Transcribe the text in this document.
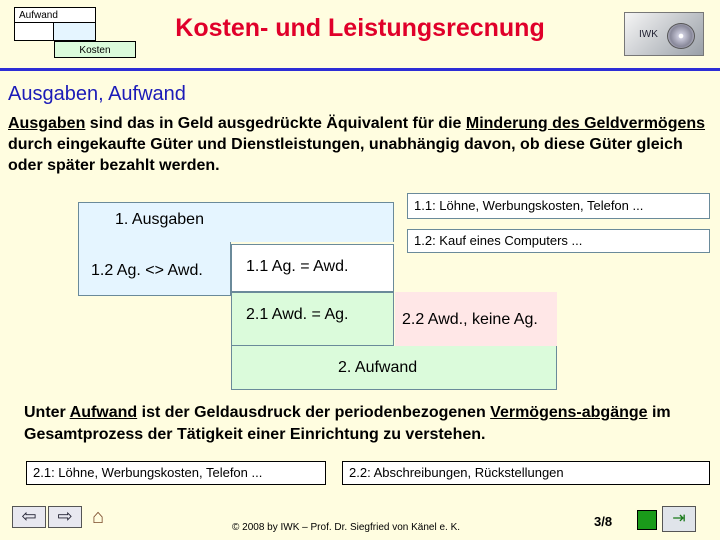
Aufwand
Kosten
Kosten- und Leistungsrecnung	IWK
Ausgaben, Aufwand
Ausgaben sind das in Geld ausgedrückte Äquivalent für die Minderung des Geldvermögens durch eingekaufte Güter und Dienstleistungen, unabhängig davon, ob diese Güter gleich oder später bezahlt werden.
1. Ausgaben
1.2 Ag. <> Awd.	1.1 Ag. = Awd.
2.1 Awd. = Ag.	2.2 Awd., keine Ag.
2. Aufwand
1.1: Löhne, Werbungskosten, Telefon ...
1.2: Kauf eines Computers ...
Unter Aufwand ist der Geldausdruck der periodenbezogenen Vermögens-abgänge im Gesamtprozess der Tätigkeit einer Einrichtung zu verstehen.
2.1: Löhne, Werbungskosten, Telefon ...	2.2: Abschreibungen, Rückstellungen
⇦	⇨ ⌂	© 2008 by IWK – Prof. Dr. Siegfried von Känel e. K.	3/8	⇥
